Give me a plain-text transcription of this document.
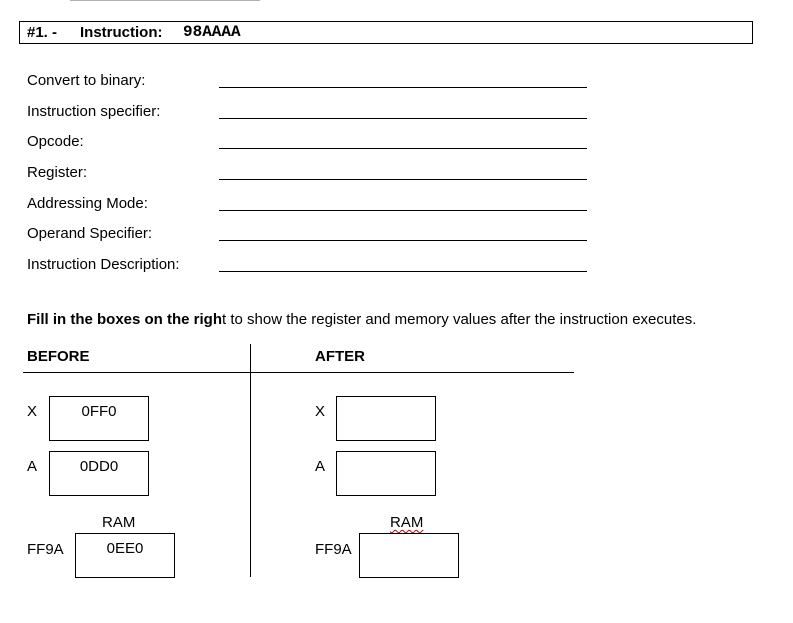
#1. - Instruction: 98AAAA
Convert to binary:
Instruction specifier:
Opcode:
Register:
Addressing Mode:
Operand Specifier:
Instruction Description:
Fill in the boxes on the right to show the register and memory values after the instruction executes.
BEFORE	AFTER
X	0FF0
A	0DD0
RAM
FF9A	0EE0
X
A
RAM
FF9A
